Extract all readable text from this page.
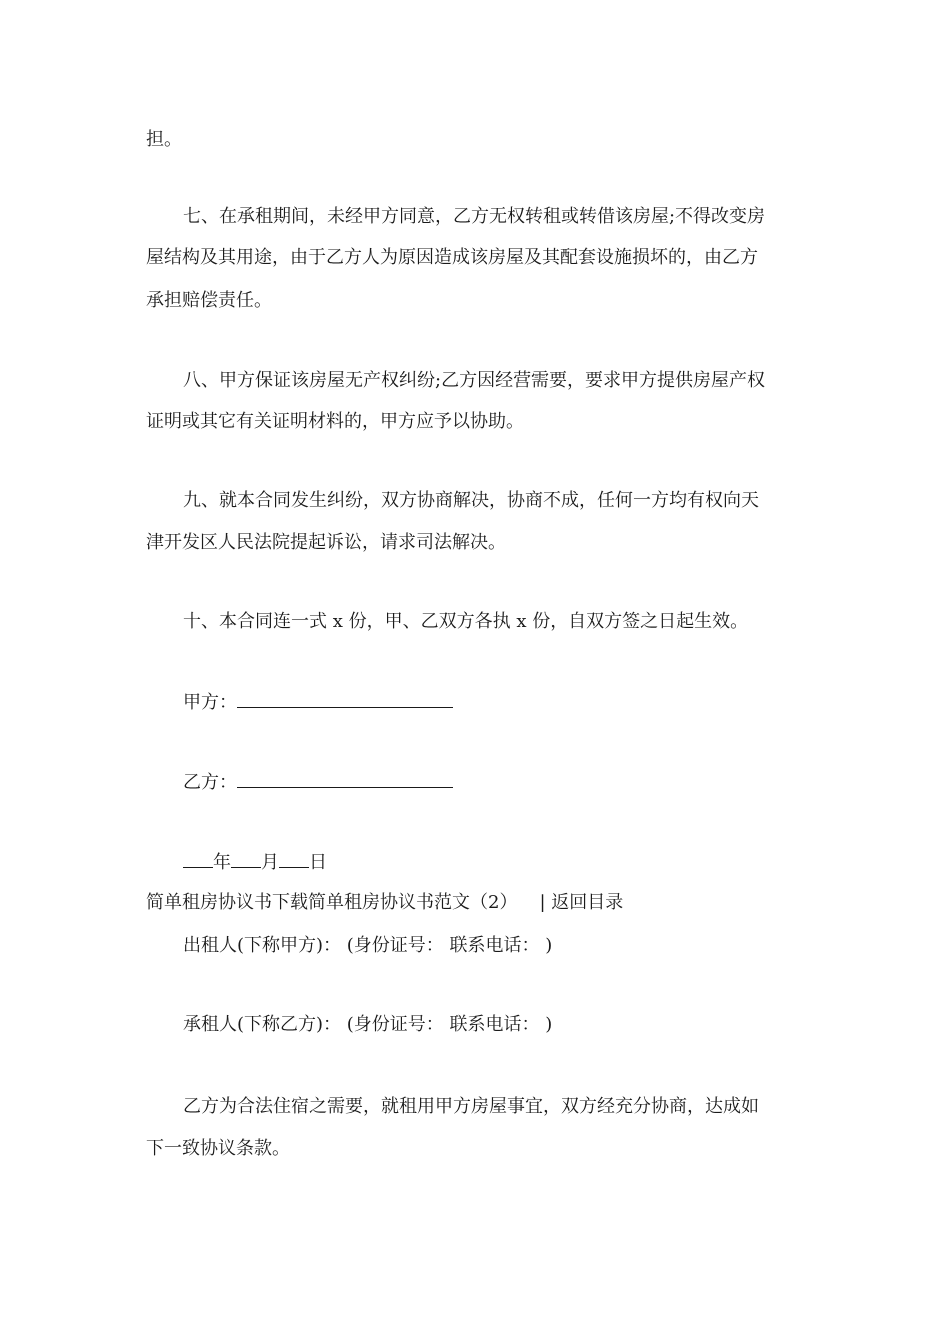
担。
七、在承租期间，未经甲方同意，乙方无权转租或转借该房屋;不得改变房
屋结构及其用途，由于乙方人为原因造成该房屋及其配套设施损坏的，由乙方
承担赔偿责任。
八、甲方保证该房屋无产权纠纷;乙方因经营需要，要求甲方提供房屋产权
证明或其它有关证明材料的，甲方应予以协助。
九、就本合同发生纠纷，双方协商解决，协商不成，任何一方均有权向天
津开发区人民法院提起诉讼，请求司法解决。
十、本合同连一式 x 份，甲、乙双方各执 x 份，自双方签之日起生效。
甲方：
乙方：
年 月 日
简单租房协议书下载简单租房协议书范文（2） | 返回目录
出租人(下称甲方)： (身份证号： 联系电话： )
承租人(下称乙方)： (身份证号： 联系电话： )
乙方为合法住宿之需要，就租用甲方房屋事宜，双方经充分协商，达成如
下一致协议条款。
